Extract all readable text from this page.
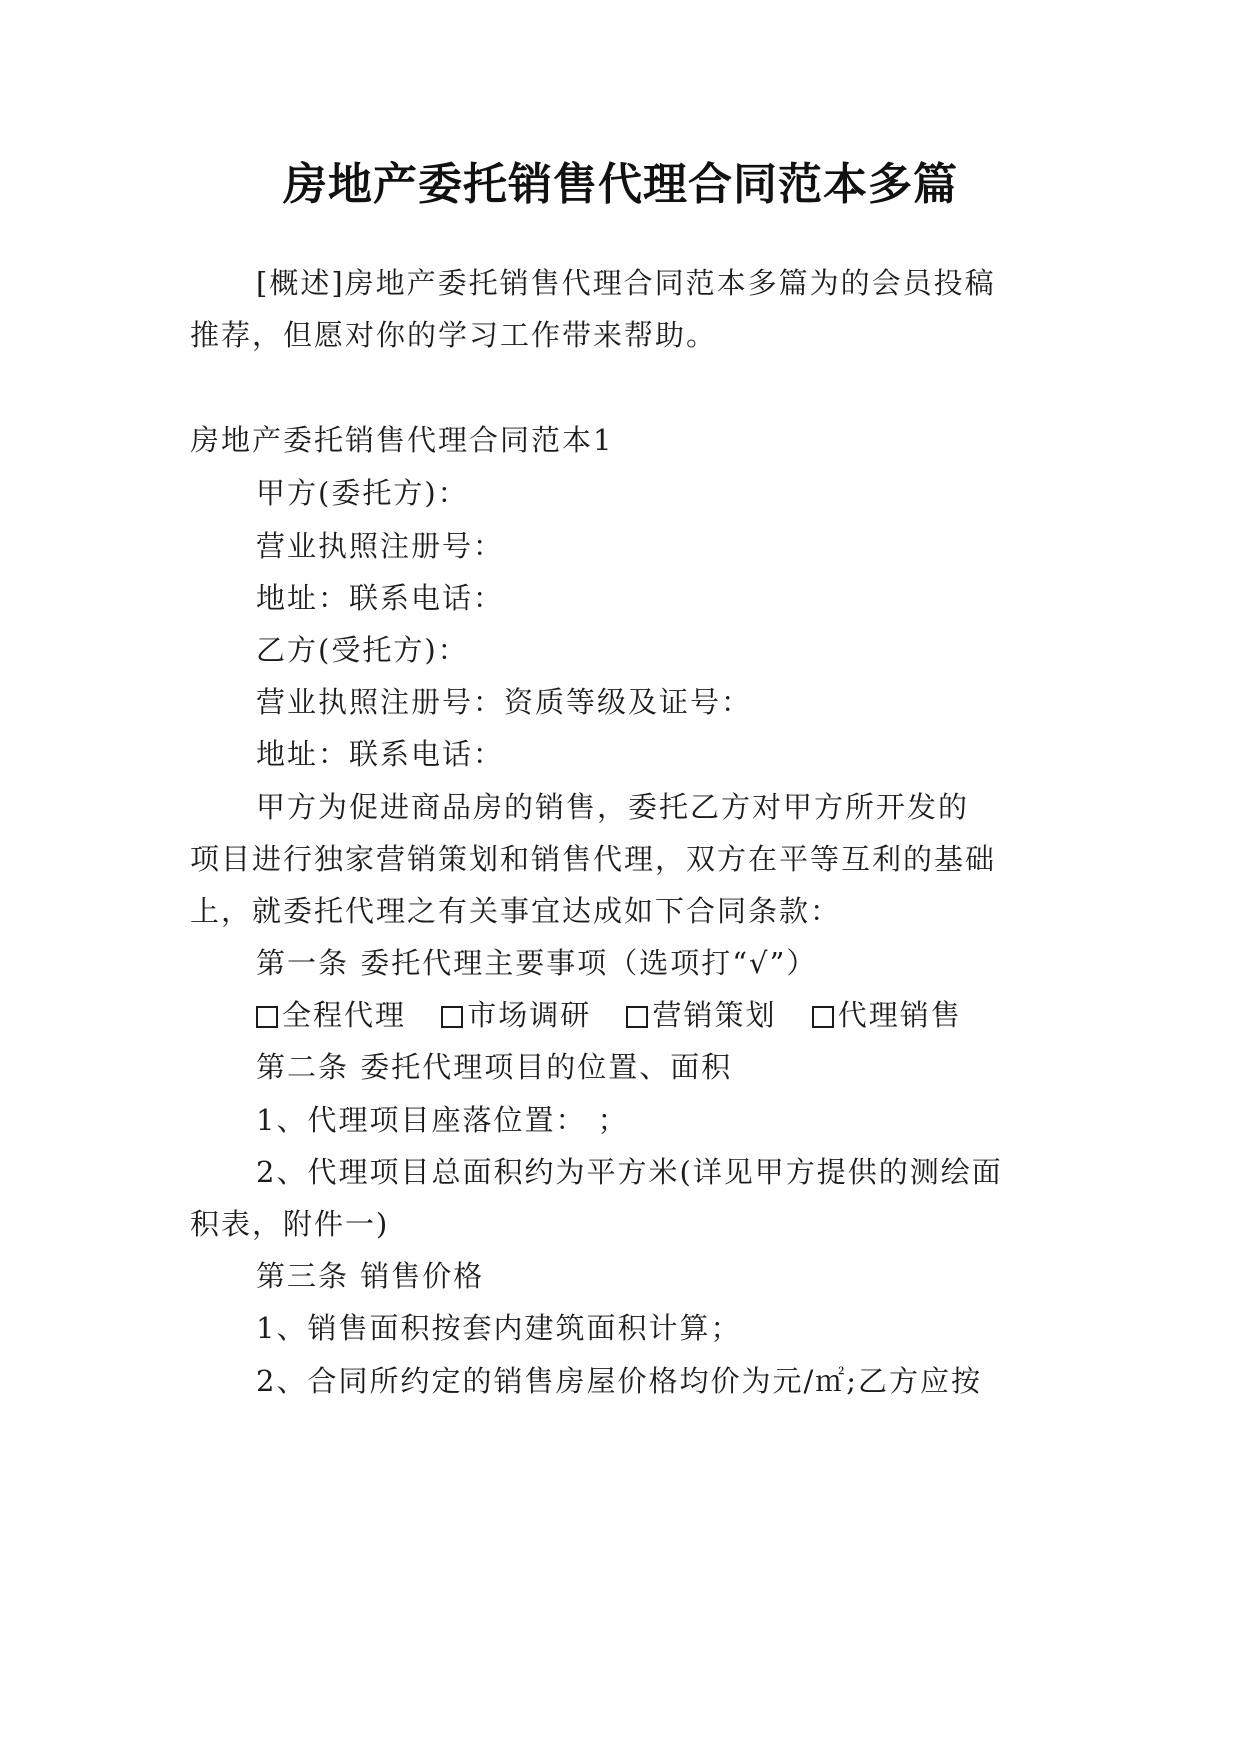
房地产委托销售代理合同范本多篇
[概述]房地产委托销售代理合同范本多篇为的会员投稿
推荐，但愿对你的学习工作带来帮助。
房地产委托销售代理合同范本1
甲方(委托方)：
营业执照注册号：
地址：联系电话：
乙方(受托方)：
营业执照注册号：资质等级及证号：
地址：联系电话：
甲方为促进商品房的销售，委托乙方对甲方所开发的
项目进行独家营销策划和销售代理，双方在平等互利的基础
上，就委托代理之有关事宜达成如下合同条款：
第一条 委托代理主要事项（选项打“√”）
全程代理 市场调研 营销策划 代理销售
第二条 委托代理项目的位置、面积
1、代理项目座落位置： ；
2、代理项目总面积约为平方米(详见甲方提供的测绘面
积表，附件一)
第三条 销售价格
1、销售面积按套内建筑面积计算；
2、合同所约定的销售房屋价格均价为元/㎡;乙方应按
